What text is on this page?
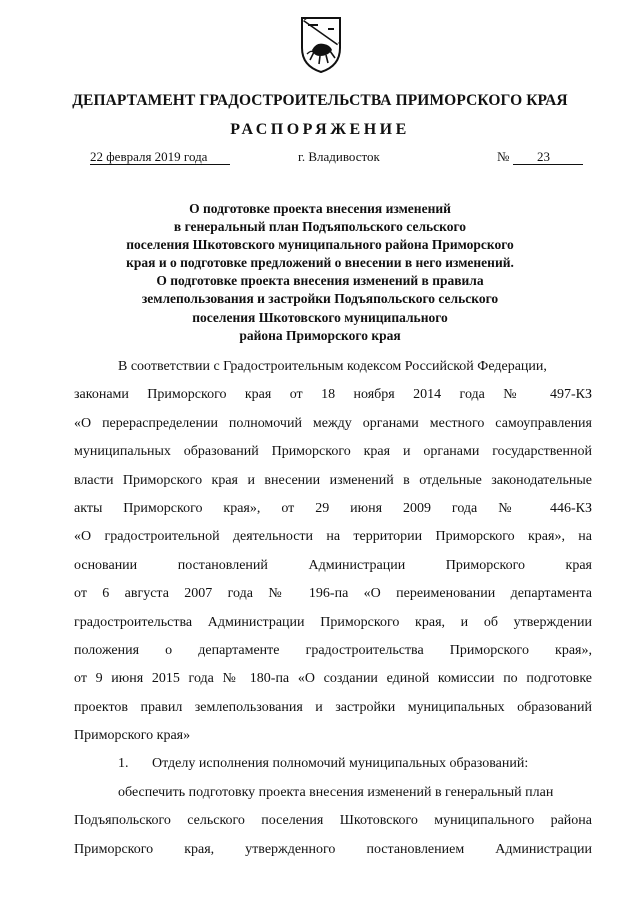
ДЕПАРТАМЕНТ ГРАДОСТРОИТЕЛЬСТВА ПРИМОРСКОГО КРАЯ
РАСПОРЯЖЕНИЕ
22 февраля 2019 года	г. Владивосток	№	23
О подготовке проекта внесения изменений
в генеральный план Подъяпольского сельского
поселения Шкотовского муниципального района Приморского
края и о подготовке предложений о внесении в него изменений.
О подготовке проекта внесения изменений в правила
землепользования и застройки Подъяпольского сельского
поселения Шкотовского муниципального
района Приморского края
В соответствии с Градостроительным кодексом Российской Федерации,
законами Приморского края от 18 ноября 2014 года № 497-КЗ
«О перераспределении полномочий между органами местного самоуправления
муниципальных образований Приморского края и органами государственной
власти Приморского края и внесении изменений в отдельные законодательные
акты Приморского края», от 29 июня 2009 года № 446-КЗ
«О градостроительной деятельности на территории Приморского края», на
основании постановлений Администрации Приморского края
от 6 августа 2007 года № 196-па «О переименовании департамента
градостроительства Администрации Приморского края, и об утверждении
положения о департаменте градостроительства Приморского края»,
от 9 июня 2015 года № 180-па «О создании единой комиссии по подготовке
проектов правил землепользования и застройки муниципальных образований
Приморского края»
1. Отделу исполнения полномочий муниципальных образований:
обеспечить подготовку проекта внесения изменений в генеральный план
Подъяпольского сельского поселения Шкотовского муниципального района
Приморского края, утвержденного постановлением Администрации
